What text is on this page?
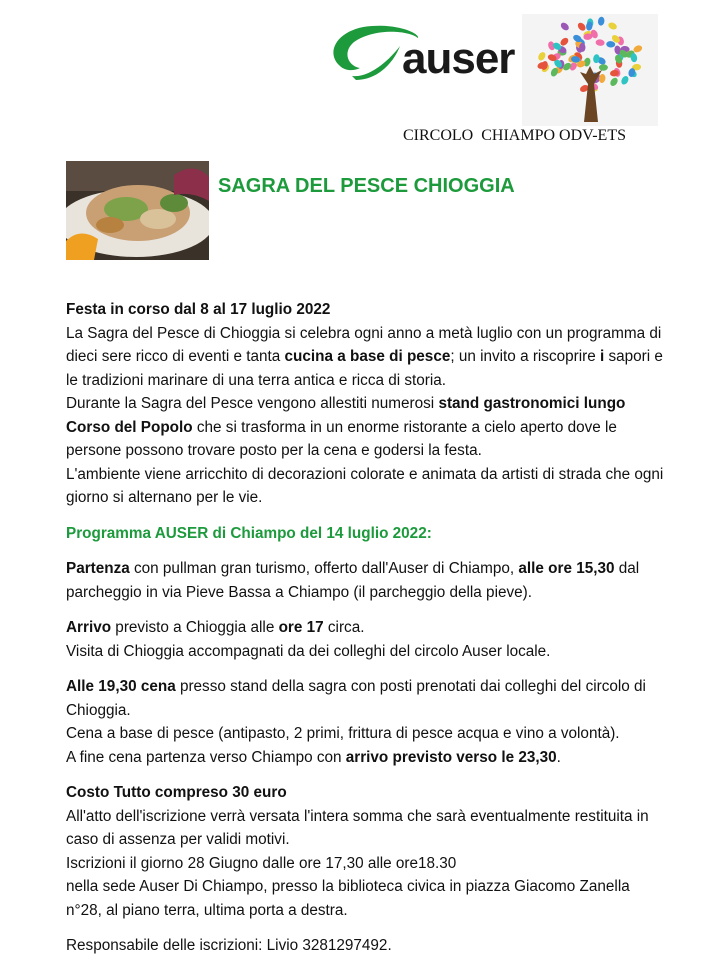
auser
CIRCOLO  CHIAMPO ODV-ETS
SAGRA DEL PESCE CHIOGGIA

Festa in corso dal 8 al 17 luglio 2022

La Sagra del Pesce di Chioggia si celebra ogni anno a metà luglio con un programma di dieci sere ricco di eventi e tanta cucina a base di pesce; un invito a riscoprire i sapori e le tradizioni marinare di una terra antica e ricca di storia.

Durante la Sagra del Pesce vengono allestiti numerosi stand gastronomici lungo Corso del Popolo che si trasforma in un enorme ristorante a cielo aperto dove le persone possono trovare posto per la cena e godersi la festa.

L'ambiente viene arricchito di decorazioni colorate e animata da artisti di strada che ogni giorno si alternano per le vie.

Programma AUSER di Chiampo del 14 luglio 2022:

Partenza con pullman gran turismo, offerto dall'Auser di Chiampo, alle ore 15,30 dal parcheggio in via Pieve Bassa a Chiampo (il parcheggio della pieve).

Arrivo previsto a Chioggia alle ore 17 circa.

Visita di Chioggia accompagnati da dei colleghi del circolo Auser locale.

Alle 19,30 cena presso stand della sagra con posti prenotati dai colleghi del circolo di Chioggia.

Cena a base di pesce (antipasto, 2 primi, frittura di pesce acqua e vino a volontà).

A fine cena partenza verso Chiampo con arrivo previsto verso le 23,30.

Costo Tutto compreso 30 euro

All'atto dell'iscrizione verrà versata l'intera somma che sarà eventualmente restituita in caso di assenza per validi motivi.

Iscrizioni il giorno 28 Giugno dalle ore 17,30 alle ore18.30

nella sede Auser Di Chiampo, presso la biblioteca civica in piazza Giacomo Zanella n°28, al piano terra, ultima porta a destra.

Responsabile delle iscrizioni: Livio 3281297492.
